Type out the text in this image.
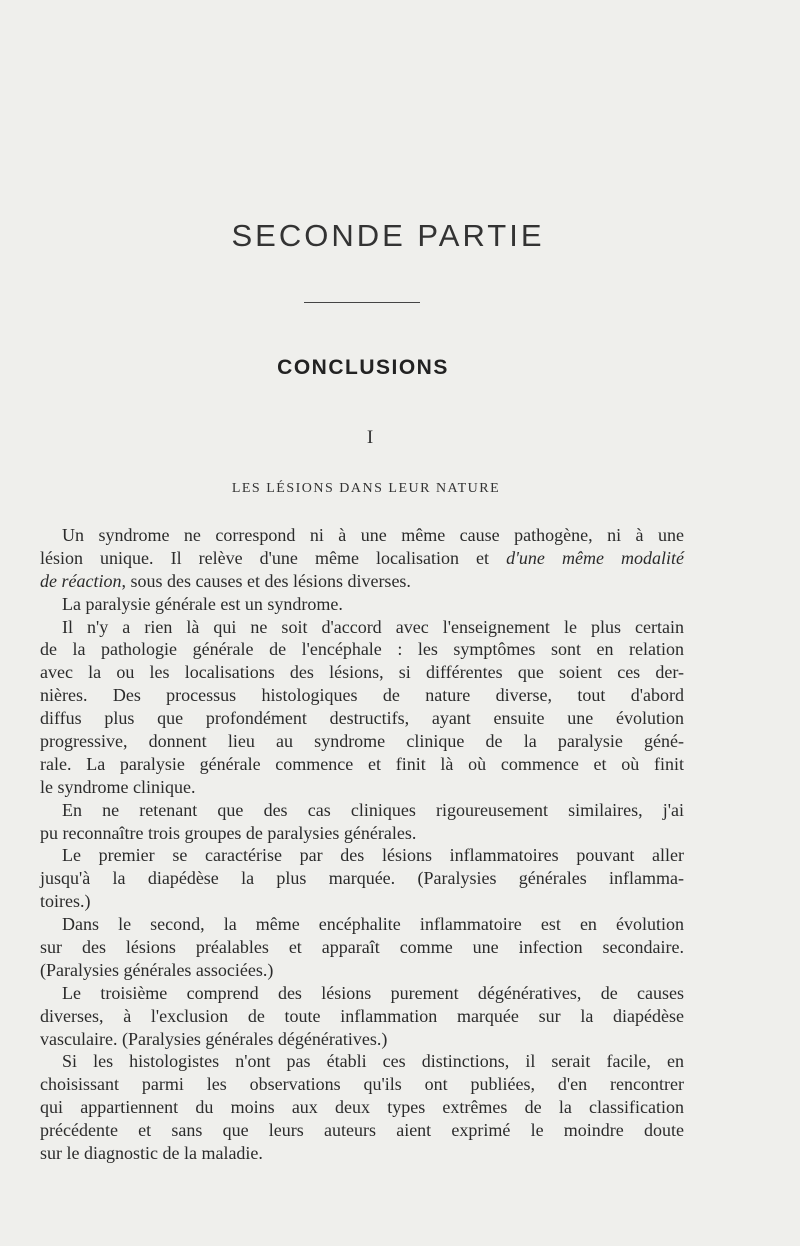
SECONDE PARTIE
CONCLUSIONS
I
LES LÉSIONS DANS LEUR NATURE
Un syndrome ne correspond ni à une même cause pathogène, ni à une
lésion unique. Il relève d'une même localisation et d'une même modalité
de réaction, sous des causes et des lésions diverses.
La paralysie générale est un syndrome.
Il n'y a rien là qui ne soit d'accord avec l'enseignement le plus certain
de la pathologie générale de l'encéphale : les symptômes sont en relation
avec la ou les localisations des lésions, si différentes que soient ces der-
nières. Des processus histologiques de nature diverse, tout d'abord
diffus plus que profondément destructifs, ayant ensuite une évolution
progressive, donnent lieu au syndrome clinique de la paralysie géné-
rale. La paralysie générale commence et finit là où commence et où finit
le syndrome clinique.
En ne retenant que des cas cliniques rigoureusement similaires, j'ai
pu reconnaître trois groupes de paralysies générales.
Le premier se caractérise par des lésions inflammatoires pouvant aller
jusqu'à la diapédèse la plus marquée. (Paralysies générales inflamma-
toires.)
Dans le second, la même encéphalite inflammatoire est en évolution
sur des lésions préalables et apparaît comme une infection secondaire.
(Paralysies générales associées.)
Le troisième comprend des lésions purement dégénératives, de causes
diverses, à l'exclusion de toute inflammation marquée sur la diapédèse
vasculaire. (Paralysies générales dégénératives.)
Si les histologistes n'ont pas établi ces distinctions, il serait facile, en
choisissant parmi les observations qu'ils ont publiées, d'en rencontrer
qui appartiennent du moins aux deux types extrêmes de la classification
précédente et sans que leurs auteurs aient exprimé le moindre doute
sur le diagnostic de la maladie.
